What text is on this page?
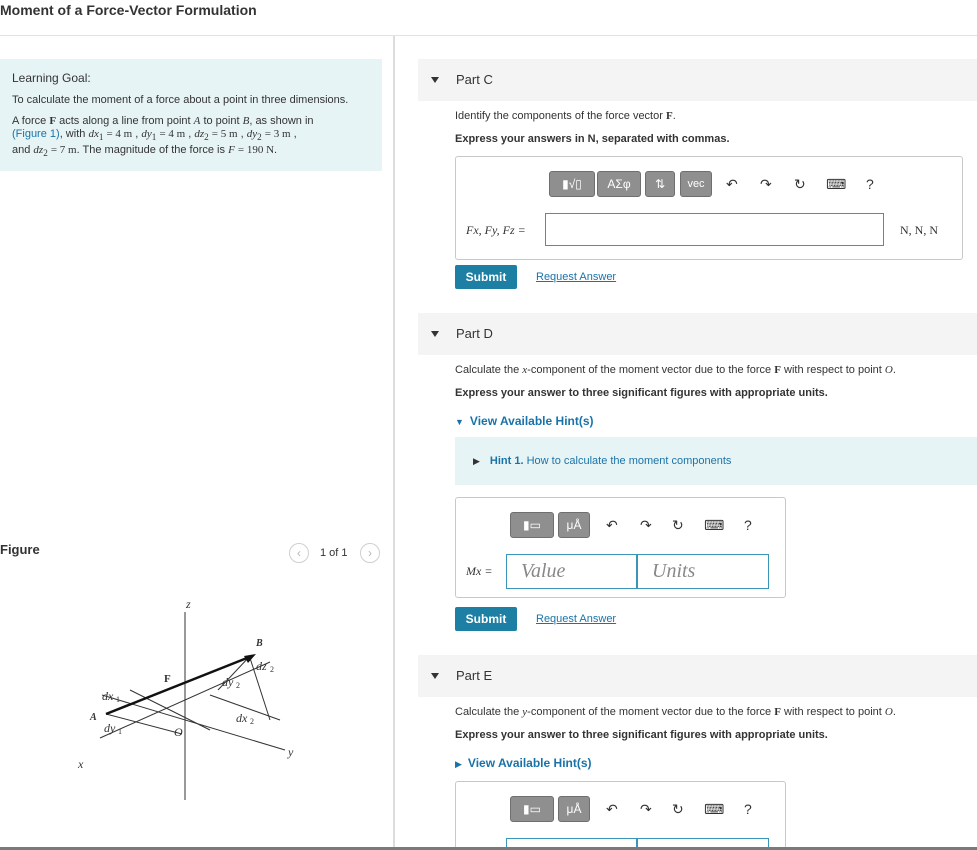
Moment of a Force-Vector Formulation
Learning Goal:
To calculate the moment of a force about a point in three dimensions.
A force F acts along a line from point A to point B, as shown in
(Figure 1), with $dx_1 = 4$ m , $dy_1 = 4$ m , $dz_2 = 5$ m , $dy_2 = 3$ m ,
and $dz_2 = 7$ m. The magnitude of the force is F = 190 N.
Figure	‹	1 of 1	›
z
y
x
O
A
B
F
dx 1
dy 1
dy 2
dx 2
dz 2
Part C
Identify the components of the force vector F.
Express your answers in N, separated with commas.
▮√▯	ΑΣφ	⇅	vec	↶ ↷ ↻ ⌨ ?
Fx, Fy, Fz =	N, N, N
Submit	Request Answer
Part D
Calculate the x-component of the moment vector due to the force F with respect to point O.
Express your answer to three significant figures with appropriate units.
▼ View Available Hint(s)
▶ Hint 1. How to calculate the moment components
▮▭	μÅ	↶ ↷ ↻ ⌨ ?
Mx =	Value	Units
Submit	Request Answer
Part E
Calculate the y-component of the moment vector due to the force F with respect to point O.
Express your answer to three significant figures with appropriate units.
▶ View Available Hint(s)
▮▭	μÅ	↶ ↷ ↻ ⌨ ?
